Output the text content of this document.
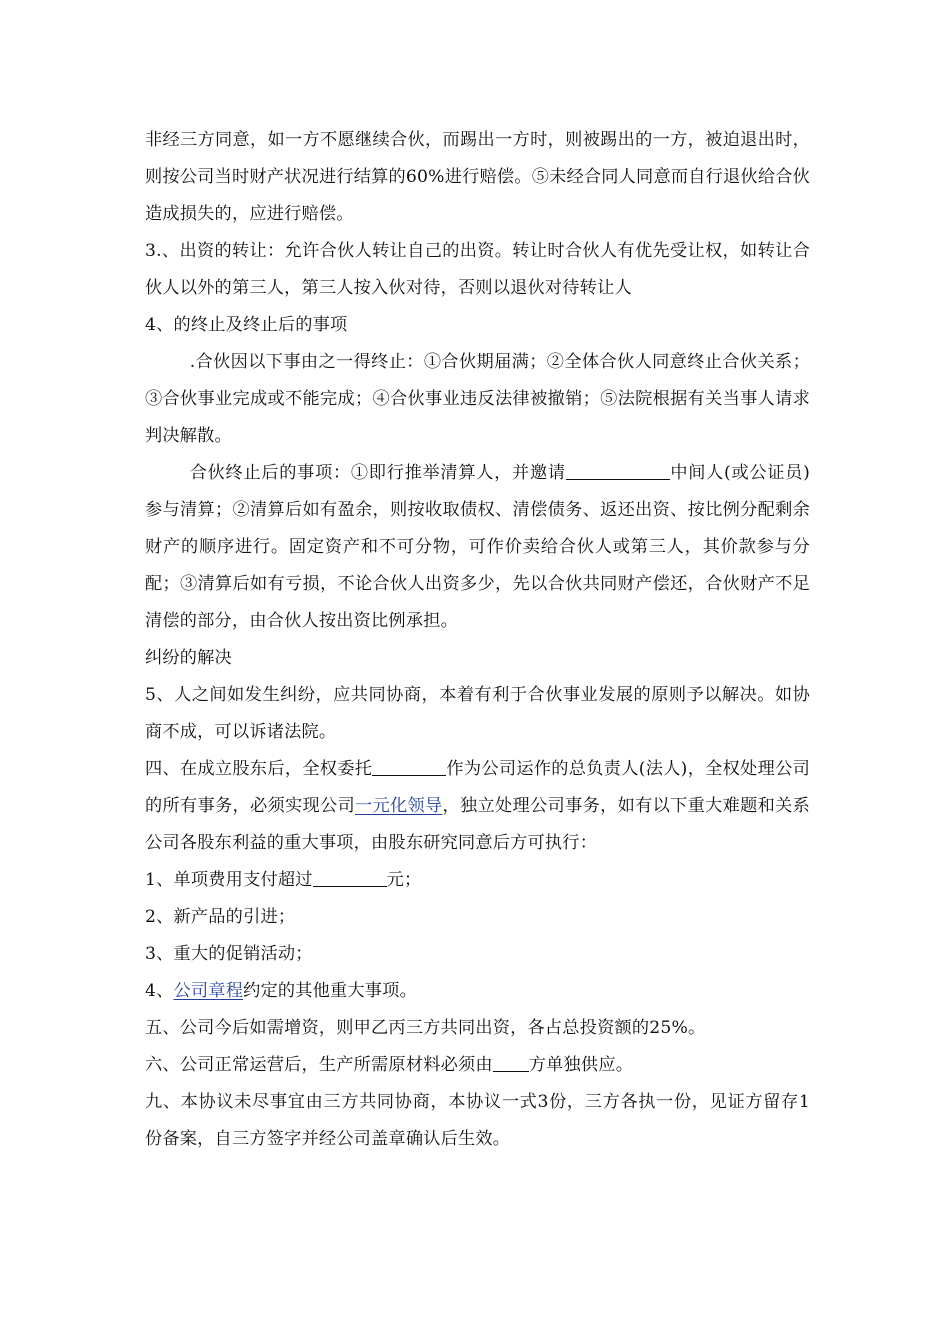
非经三方同意，如一方不愿继续合伙，而踢出一方时，则被踢出的一方，被迫退出时，则按公司当时财产状况进行结算的60%进行赔偿。⑤未经合同人同意而自行退伙给合伙造成损失的，应进行赔偿。

3.、出资的转让：允许合伙人转让自己的出资。转让时合伙人有优先受让权，如转让合伙人以外的第三人，第三人按入伙对待，否则以退伙对待转让人

4、的终止及终止后的事项

.合伙因以下事由之一得终止：①合伙期届满；②全体合伙人同意终止合伙关系；③合伙事业完成或不能完成；④合伙事业违反法律被撤销；⑤法院根据有关当事人请求判决解散。

合伙终止后的事项：①即行推举清算人，并邀请	中间人(或公证员)参与清算；②清算后如有盈余，则按收取债权、清偿债务、返还出资、按比例分配剩余财产的顺序进行。固定资产和不可分物，可作价卖给合伙人或第三人，其价款参与分配；③清算后如有亏损，不论合伙人出资多少，先以合伙共同财产偿还，合伙财产不足清偿的部分，由合伙人按出资比例承担。

纠纷的解决

5、人之间如发生纠纷，应共同协商，本着有利于合伙事业发展的原则予以解决。如协商不成，可以诉诸法院。

四、在成立股东后，全权委托	作为公司运作的总负责人(法人)，全权处理公司的所有事务，必须实现公司一元化领导，独立处理公司事务，如有以下重大难题和关系公司各股东利益的重大事项，由股东研究同意后方可执行：

1、单项费用支付超过	元；

2、新产品的引进；

3、重大的促销活动；

4、公司章程约定的其他重大事项。

五、公司今后如需增资，则甲乙丙三方共同出资，各占总投资额的25%。

六、公司正常运营后，生产所需原材料必须由 方单独供应。

九、本协议未尽事宜由三方共同协商，本协议一式3份，三方各执一份，见证方留存1份备案，自三方签字并经公司盖章确认后生效。
